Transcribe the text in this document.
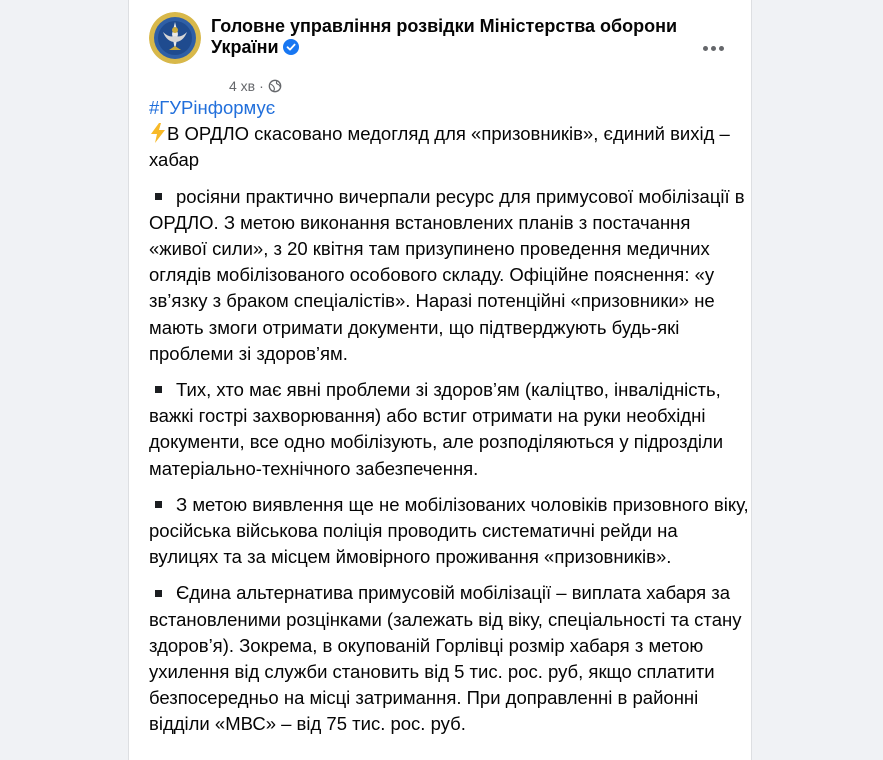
Головне управління розвідки Міністерства оборони України
4 хв ·

#ГУРінформує

В ОРДЛО скасовано медогляд для «призовників», єдиний вихід – хабар

росіяни практично вичерпали ресурс для примусової мобілізації в ОРДЛО. З метою виконання встановлених планів з постачання «живої сили», з 20 квітня там призупинено проведення медичних оглядів мобілізованого особового складу. Офіційне пояснення: «у зв’язку з браком спеціалістів». Наразі потенційні «призовники» не мають змоги отримати документи, що підтверджують будь-які проблеми зі здоров’ям.

Тих, хто має явні проблеми зі здоров’ям (каліцтво, інвалідність, важкі гострі захворювання) або встиг отримати на руки необхідні документи, все одно мобілізують, але розподіляються у підрозділи матеріально-технічного забезпечення.

З метою виявлення ще не мобілізованих чоловіків призовного віку, російська військова поліція проводить систематичні рейди на вулицях та за місцем ймовірного проживання «призовників».

Єдина альтернатива примусовій мобілізації – виплата хабаря за встановленими розцінками (залежать від віку, спеціальності та стану здоров’я). Зокрема, в окупованій Горлівці розмір хабаря з метою ухилення від служби становить від 5 тис. рос. руб, якщо сплатити безпосередньо на місці затримання. При доправленні в районні відділи «МВС» – від 75 тис. рос. руб.
